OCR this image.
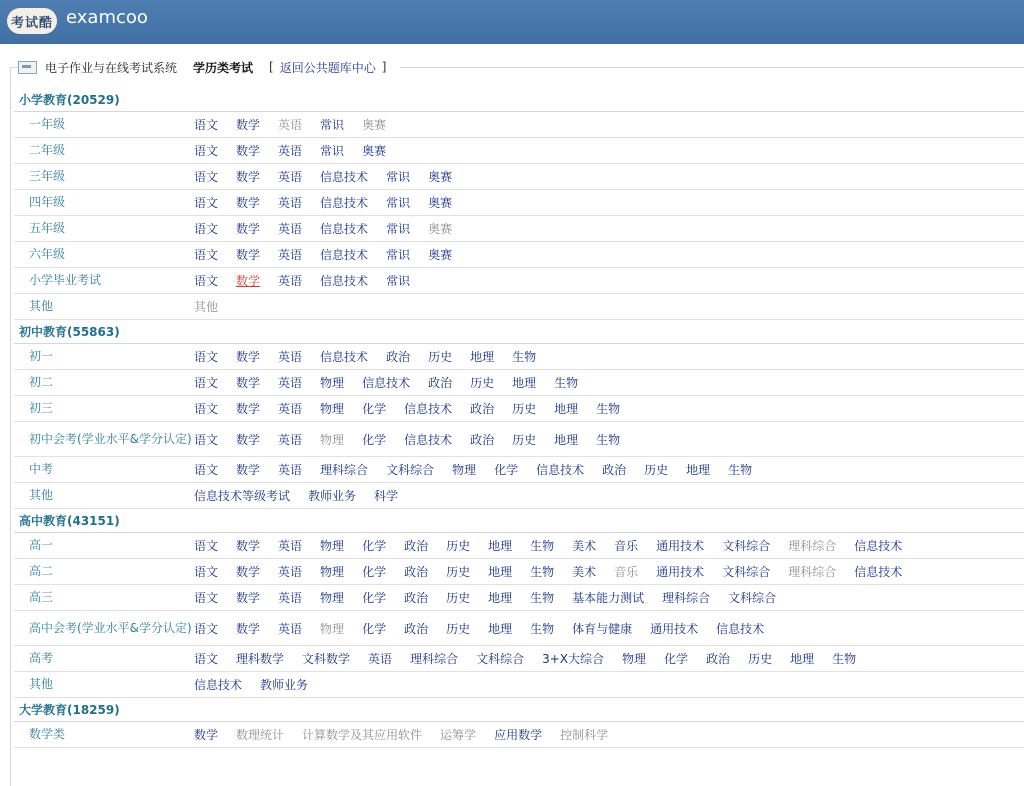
考试酷 examcoo
电子作业与在线考试系统 学历类考试 [ 返回公共题库中心 ]
小学教育(20529)
一年级	语文 数学 英语 常识 奥赛
二年级	语文 数学 英语 常识 奥赛
三年级	语文 数学 英语 信息技术 常识 奥赛
四年级	语文 数学 英语 信息技术 常识 奥赛
五年级	语文 数学 英语 信息技术 常识 奥赛
六年级	语文 数学 英语 信息技术 常识 奥赛
小学毕业考试	语文 数学 英语 信息技术 常识
其他	其他
初中教育(55863)
初一	语文 数学 英语 信息技术 政治 历史 地理 生物
初二	语文 数学 英语 物理 信息技术 政治 历史 地理 生物
初三	语文 数学 英语 物理 化学 信息技术 政治 历史 地理 生物
初中会考(学业水平&学分认定) 语文 数学 英语 物理 化学 信息技术 政治 历史 地理 生物
中考	语文 数学 英语 理科综合 文科综合 物理 化学 信息技术 政治 历史 地理 生物
其他	信息技术等级考试 教师业务 科学
高中教育(43151)
高一	语文 数学 英语 物理 化学 政治 历史 地理 生物 美术 音乐 通用技术 文科综合 理科综合 信息技术
高二	语文 数学 英语 物理 化学 政治 历史 地理 生物 美术 音乐 通用技术 文科综合 理科综合 信息技术
高三	语文 数学 英语 物理 化学 政治 历史 地理 生物 基本能力测试 理科综合 文科综合
高中会考(学业水平&学分认定) 语文 数学 英语 物理 化学 政治 历史 地理 生物 体育与健康 通用技术 信息技术
高考	语文 理科数学 文科数学 英语 理科综合 文科综合 3+X大综合 物理 化学 政治 历史 地理 生物
其他	信息技术 教师业务
大学教育(18259)
数学类	数学 数理统计 计算数学及其应用软件 运筹学 应用数学 控制科学
